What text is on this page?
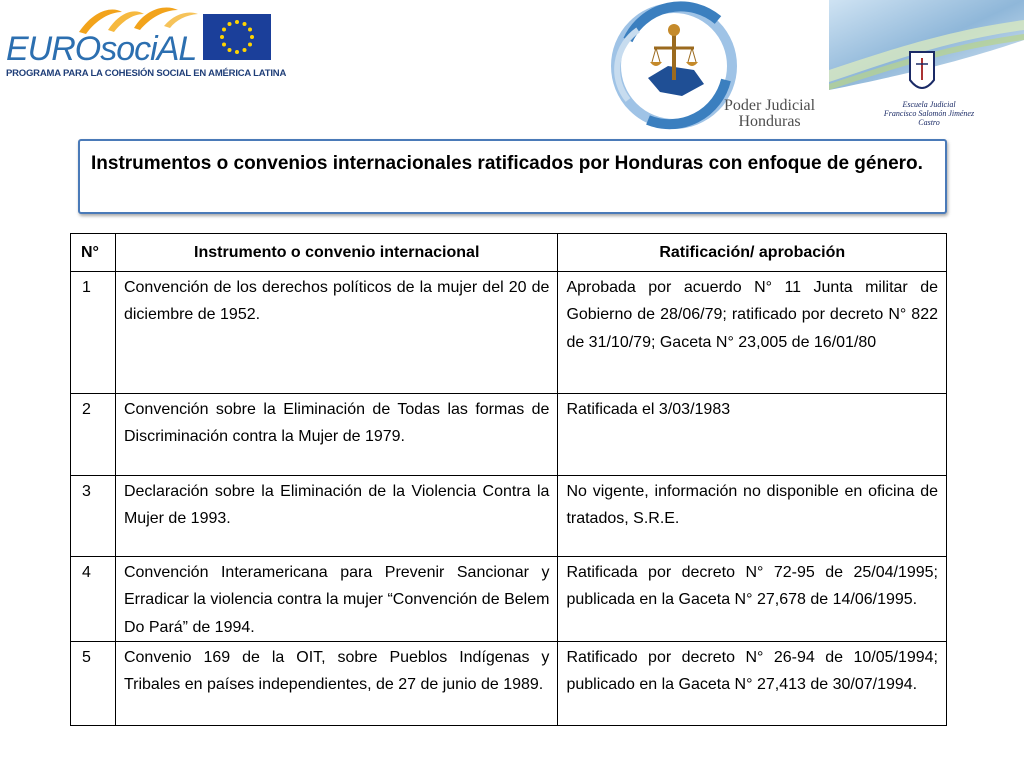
EUROsociAL
PROGRAMA PARA LA COHESIÓN SOCIAL EN AMÉRICA LATINA
Poder Judicial
Honduras
Escuela Judicial
Francisco Salomón Jiménez Castro
Instrumentos o convenios internacionales ratificados por Honduras con enfoque de género.
N°	Instrumento o convenio internacional	Ratificación/ aprobación
1	Convención de los derechos políticos de la mujer del 20 de diciembre de 1952.	Aprobada por acuerdo N° 11 Junta militar de Gobierno de 28/06/79; ratificado por decreto N° 822 de 31/10/79; Gaceta N° 23,005 de 16/01/80
2	Convención sobre la Eliminación de Todas las formas de Discriminación contra la Mujer de 1979.	Ratificada el 3/03/1983
3	Declaración sobre la Eliminación de la Violencia Contra la Mujer de 1993.	No vigente, información no disponible en oficina de tratados, S.R.E.
4	Convención Interamericana para Prevenir Sancionar y Erradicar la violencia contra la mujer “Convención de Belem Do Pará” de 1994.	Ratificada por decreto N° 72-95 de 25/04/1995; publicada en la Gaceta N° 27,678 de 14/06/1995.
5	Convenio 169 de la OIT, sobre Pueblos Indígenas y Tribales en países independientes, de 27 de junio de 1989.	Ratificado por decreto N° 26-94 de 10/05/1994; publicado en la Gaceta N° 27,413 de 30/07/1994.
